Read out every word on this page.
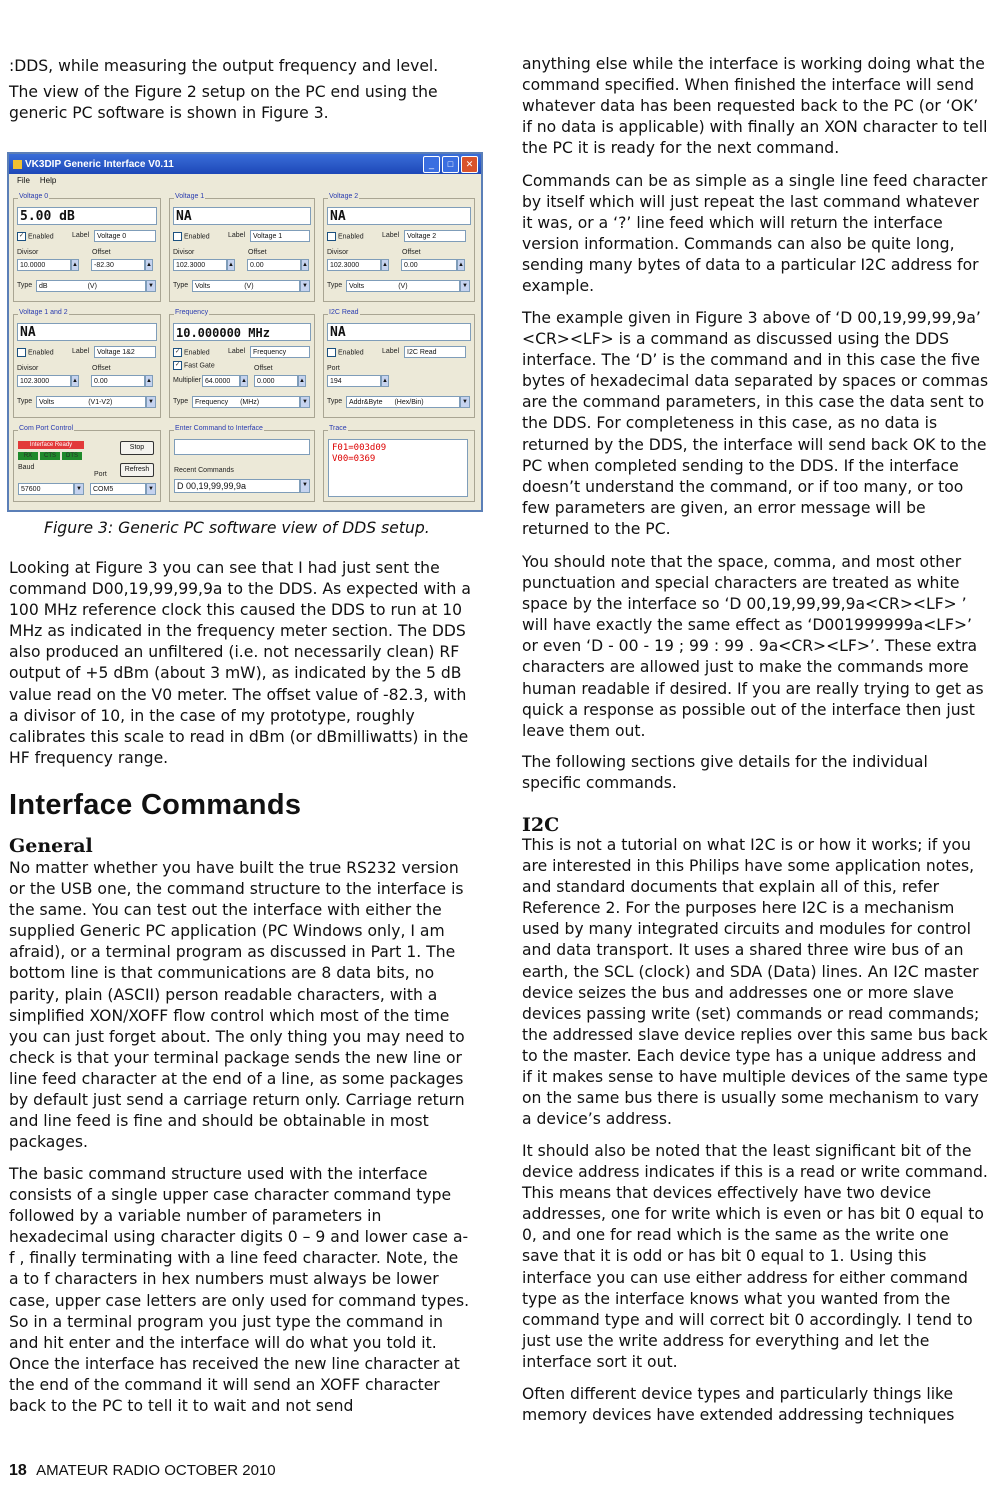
:DDS, while measuring the output frequency and level.

The view of the Figure 2 setup on the PC end using the generic PC software is shown in Figure 3.

VK3DIP Generic Interface V0.11	_	□	✕
File Help
Voltage 0
5.00 dB
✓ Enabled	Label	Voltage 0
Divisor	Offset
10.0000	▲	-82.30	▲
Type dB	(V)	▼
Voltage 1
NA
Enabled	Label	Voltage 1
Divisor	Offset
102.3000	▲	0.00	▲
Type Volts	(V)	▼
Voltage 2
NA
Enabled	Label	Voltage 2
Divisor	Offset
102.3000	▲	0.00	▲
Type Volts	(V)	▼
Voltage 1 and 2
NA
Enabled	Label	Voltage 1&2
Divisor	Offset
102.3000	▲	0.00	▲
Type Volts	(V1-V2)	▼
Frequency
10.000000 MHz
✓ Enabled	Label	Frequency
✓ Fast Gate	Offset
Multiplier 64.0000	▲	0.000	▲
Type Frequency (MHz)	▼
I2C Read
NA
Enabled	Label	I2C Read
Port
194	▲
Type Addr&Byte (Hex/Bin)	▼
Com Port Control
Interface Ready
RX	CTS	DTS
Stop
Baud
Port
Refresh
57600	▼	COM5	▼
Enter Command to Interface
Recent Commands
D 00,19,99,99,9a	▼
Trace
F01=003d09
V00=0369
Figure 3: Generic PC software view of DDS setup.

Looking at Figure 3 you can see that I had just sent the command D00,19,99,99,9a to the DDS. As expected with a 100 MHz reference clock this caused the DDS to run at 10 MHz as indicated in the frequency meter section. The DDS also produced an unfiltered (i.e. not necessarily clean) RF output of +5 dBm (about 3 mW), as indicated by the 5 dB value read on the V0 meter. The offset value of -82.3, with a divisor of 10, in the case of my prototype, roughly calibrates this scale to read in dBm (or dBmilliwatts) in the HF frequency range.

Interface Commands
General

No matter whether you have built the true RS232 version or the USB one, the command structure to the interface is the same. You can test out the interface with either the supplied Generic PC application (PC Windows only, I am afraid), or a terminal program as discussed in Part 1. The bottom line is that communications are 8 data bits, no parity, plain (ASCII) person readable characters, with a simplified XON/XOFF flow control which most of the time you can just forget about. The only thing you may need to check is that your terminal package sends the new line or line feed character at the end of a line, as some packages by default just send a carriage return only. Carriage return and line feed is fine and should be obtainable in most packages.

The basic command structure used with the interface consists of a single upper case character command type followed by a variable number of parameters in hexadecimal using character digits 0 – 9 and lower case a-f , finally terminating with a line feed character. Note, the a to f characters in hex numbers must always be lower case, upper case letters are only used for command types. So in a terminal program you just type the command in and hit enter and the interface will do what you told it. Once the interface has received the new line character at the end of the command it will send an XOFF character back to the PC to tell it to wait and not send

anything else while the interface is working doing what the command specified. When finished the interface will send whatever data has been requested back to the PC (or ‘OK’ if no data is applicable) with finally an XON character to tell the PC it is ready for the next command.

Commands can be as simple as a single line feed character by itself which will just repeat the last command whatever it was, or a ‘?’ line feed which will return the interface version information. Commands can also be quite long, sending many bytes of data to a particular I2C address for example.

The example given in Figure 3 above of ‘D 00,19,99,99,9a’ <CR><LF> is a command as discussed using the DDS interface. The ‘D’ is the command and in this case the five bytes of hexadecimal data separated by spaces or commas are the command parameters, in this case the data sent to the DDS. For completeness in this case, as no data is returned by the DDS, the interface will send back OK to the PC when completed sending to the DDS. If the interface doesn’t understand the command, or if too many, or too few parameters are given, an error message will be returned to the PC.

You should note that the space, comma, and most other punctuation and special characters are treated as white space by the interface so ‘D 00,19,99,99,9a<CR><LF> ’ will have exactly the same effect as ‘D001999999a<LF>’ or even ‘D - 00 - 19 ; 99 : 99 . 9a<CR><LF>’. These extra characters are allowed just to make the commands more human readable if desired. If you are really trying to get as quick a response as possible out of the interface then just leave them out.

The following sections give details for the individual specific commands.

I2C

This is not a tutorial on what I2C is or how it works; if you are interested in this Philips have some application notes, and standard documents that explain all of this, refer Reference 2. For the purposes here I2C is a mechanism used by many integrated circuits and modules for control and data transport. It uses a shared three wire bus of an earth, the SCL (clock) and SDA (Data) lines. An I2C master device seizes the bus and addresses one or more slave devices passing write (set) commands or read commands; the addressed slave device replies over this same bus back to the master. Each device type has a unique address and if it makes sense to have multiple devices of the same type on the same bus there is usually some mechanism to vary a device’s address.

It should also be noted that the least significant bit of the device address indicates if this is a read or write command. This means that devices effectively have two device addresses, one for write which is even or has bit 0 equal to 0, and one for read which is the same as the write one save that it is odd or has bit 0 equal to 1. Using this interface you can use either address for either command type as the interface knows what you wanted from the command type and will correct bit 0 accordingly. I tend to just use the write address for everything and let the interface sort it out.

Often different device types and particularly things like memory devices have extended addressing techniques

18 AMATEUR RADIO OCTOBER 2010
